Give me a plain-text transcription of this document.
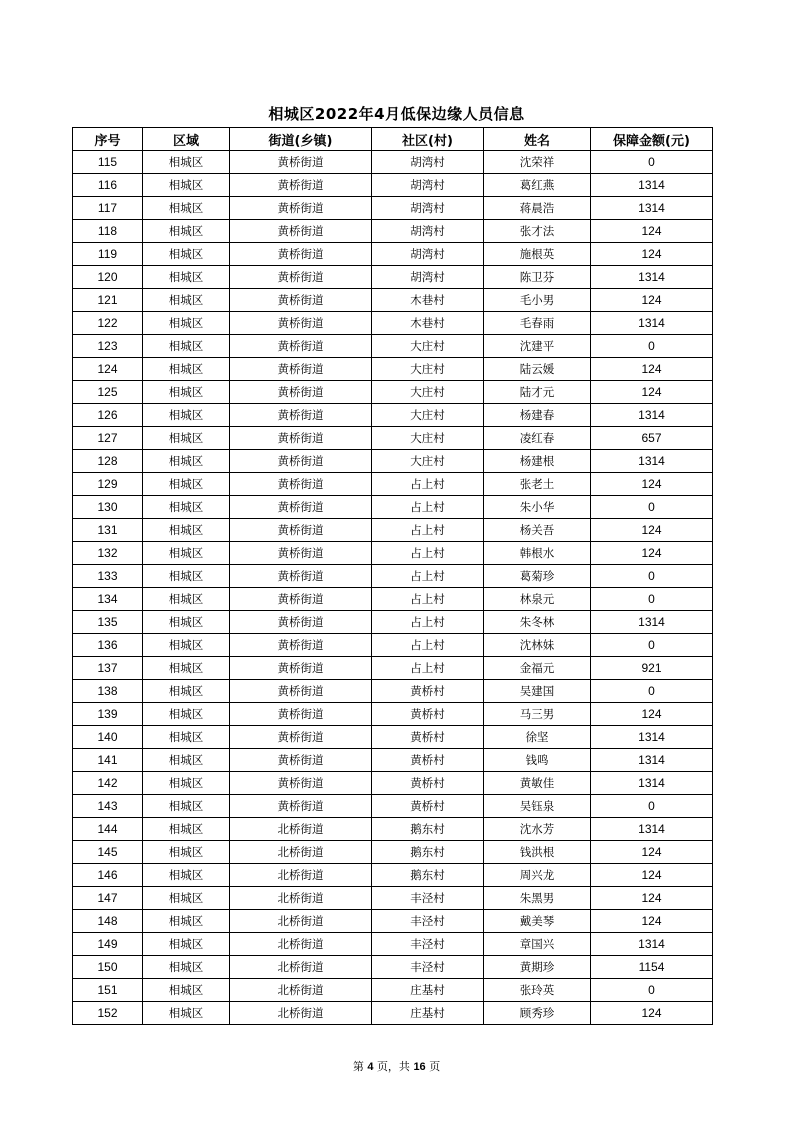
相城区2022年4月低保边缘人员信息
序号	区域	街道(乡镇)	社区(村)	姓名	保障金额(元)
115	相城区	黄桥街道	胡湾村	沈荣祥	0
116	相城区	黄桥街道	胡湾村	葛红燕	1314
117	相城区	黄桥街道	胡湾村	蒋晨浩	1314
118	相城区	黄桥街道	胡湾村	张才法	124
119	相城区	黄桥街道	胡湾村	施根英	124
120	相城区	黄桥街道	胡湾村	陈卫芬	1314
121	相城区	黄桥街道	木巷村	毛小男	124
122	相城区	黄桥街道	木巷村	毛春雨	1314
123	相城区	黄桥街道	大庄村	沈建平	0
124	相城区	黄桥街道	大庄村	陆云媛	124
125	相城区	黄桥街道	大庄村	陆才元	124
126	相城区	黄桥街道	大庄村	杨建春	1314
127	相城区	黄桥街道	大庄村	凌红春	657
128	相城区	黄桥街道	大庄村	杨建根	1314
129	相城区	黄桥街道	占上村	张老土	124
130	相城区	黄桥街道	占上村	朱小华	0
131	相城区	黄桥街道	占上村	杨关吾	124
132	相城区	黄桥街道	占上村	韩根水	124
133	相城区	黄桥街道	占上村	葛菊珍	0
134	相城区	黄桥街道	占上村	林泉元	0
135	相城区	黄桥街道	占上村	朱冬林	1314
136	相城区	黄桥街道	占上村	沈林妹	0
137	相城区	黄桥街道	占上村	金福元	921
138	相城区	黄桥街道	黄桥村	吴建国	0
139	相城区	黄桥街道	黄桥村	马三男	124
140	相城区	黄桥街道	黄桥村	徐坚	1314
141	相城区	黄桥街道	黄桥村	钱鸣	1314
142	相城区	黄桥街道	黄桥村	黄敏佳	1314
143	相城区	黄桥街道	黄桥村	吴钰泉	0
144	相城区	北桥街道	鹅东村	沈水芳	1314
145	相城区	北桥街道	鹅东村	钱洪根	124
146	相城区	北桥街道	鹅东村	周兴龙	124
147	相城区	北桥街道	丰泾村	朱黑男	124
148	相城区	北桥街道	丰泾村	戴美琴	124
149	相城区	北桥街道	丰泾村	章国兴	1314
150	相城区	北桥街道	丰泾村	黄期珍	1154
151	相城区	北桥街道	庄基村	张玲英	0
152	相城区	北桥街道	庄基村	顾秀珍	124
第 4 页，共 16 页
